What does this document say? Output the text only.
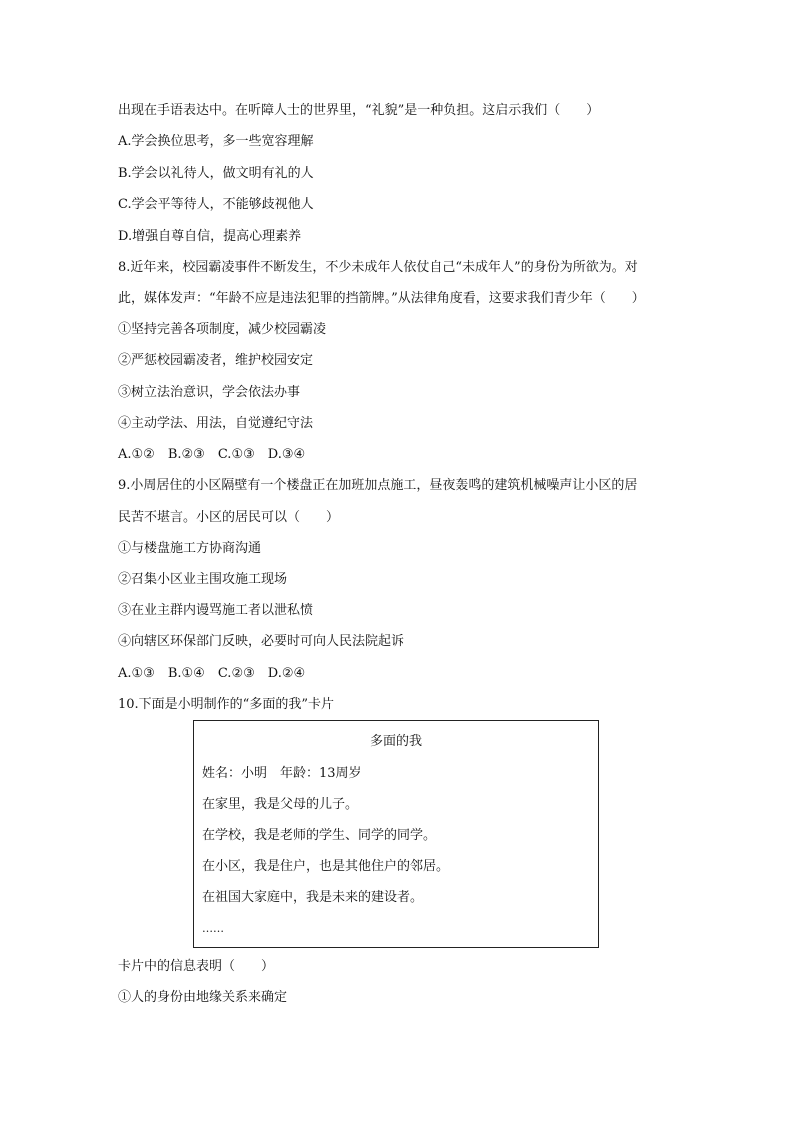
出现在手语表达中。在听障人士的世界里，“礼貌”是一种负担。这启示我们（　　）
A.学会换位思考，多一些宽容理解
B.学会以礼待人，做文明有礼的人
C.学会平等待人，不能够歧视他人
D.增强自尊自信，提高心理素养
8.近年来，校园霸凌事件不断发生，不少未成年人依仗自己“未成年人”的身份为所欲为。对
此，媒体发声：“年龄不应是违法犯罪的挡箭牌。”从法律角度看，这要求我们青少年（　　）
①坚持完善各项制度，减少校园霸凌
②严惩校园霸凌者，维护校园安定
③树立法治意识，学会依法办事
④主动学法、用法，自觉遵纪守法
A.①②　B.②③　C.①③　D.③④
9.小周居住的小区隔壁有一个楼盘正在加班加点施工，昼夜轰鸣的建筑机械噪声让小区的居
民苦不堪言。小区的居民可以（　　）
①与楼盘施工方协商沟通
②召集小区业主围攻施工现场
③在业主群内谩骂施工者以泄私愤
④向辖区环保部门反映，必要时可向人民法院起诉
A.①③　B.①④　C.②③　D.②④
10.下面是小明制作的“多面的我”卡片
多面的我
姓名：小明　年龄：13周岁
在家里，我是父母的儿子。
在学校，我是老师的学生、同学的同学。
在小区，我是住户，也是其他住户的邻居。
在祖国大家庭中，我是未来的建设者。
……
卡片中的信息表明（　　）
①人的身份由地缘关系来确定
